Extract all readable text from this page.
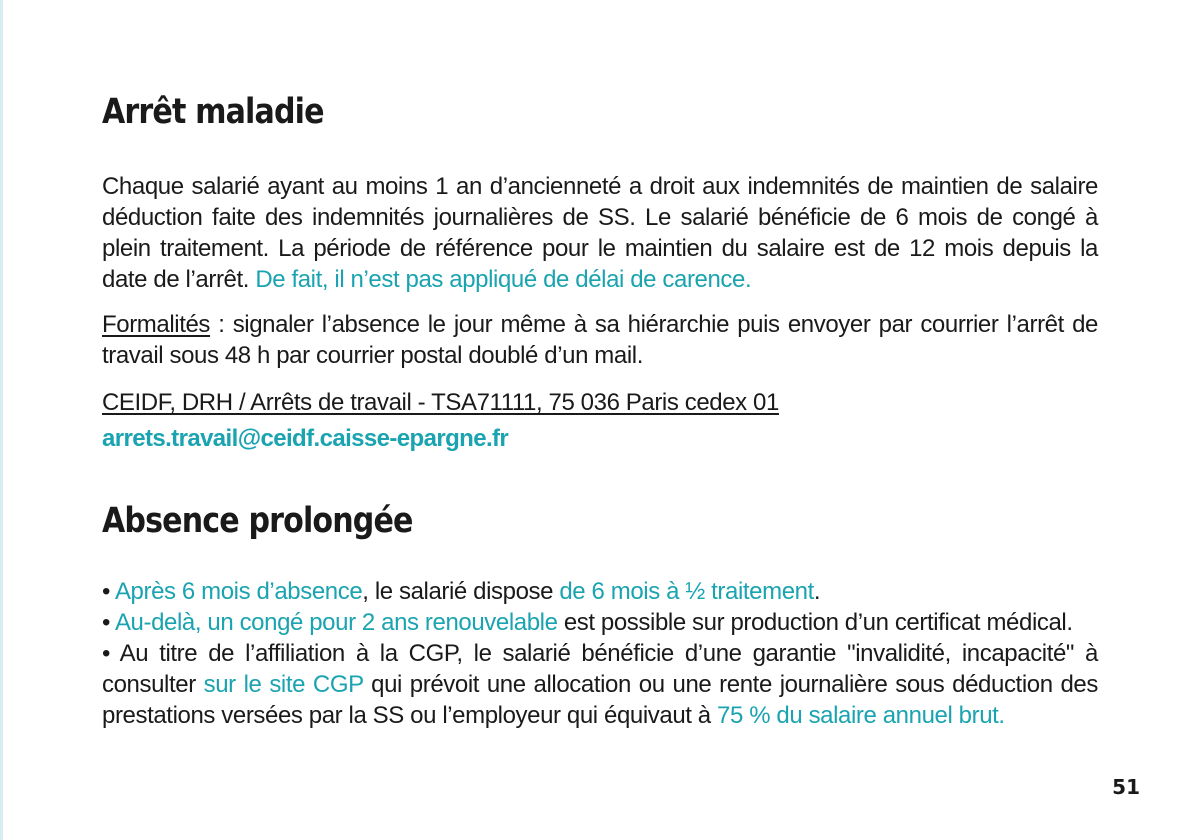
Arrêt maladie

Chaque salarié ayant au moins 1 an d’ancienneté a droit aux indemnités de maintien de salaire déduction faite des indemnités journalières de SS. Le salarié bénéficie de 6 mois de congé à plein traitement. La période de référence pour le maintien du salaire est de 12 mois depuis la date de l’arrêt. De fait, il n’est pas appliqué de délai de carence.

Formalités : signaler l’absence le jour même à sa hiérarchie puis envoyer par courrier l’arrêt de travail sous 48 h par courrier postal doublé d’un mail.

CEIDF, DRH / Arrêts de travail - TSA71111, 75 036 Paris cedex 01

arrets.travail@ceidf.caisse-epargne.fr

Absence prolongée

• Après 6 mois d’absence, le salarié dispose de 6 mois à ½ traitement.

• Au-delà, un congé pour 2 ans renouvelable est possible sur production d’un certificat médical.

• Au titre de l’affiliation à la CGP, le salarié bénéficie d’une garantie "invalidité, incapacité" à consulter sur le site CGP qui prévoit une allocation ou une rente journalière sous déduction des prestations versées par la SS ou l’employeur qui équivaut à 75 % du salaire annuel brut.

51
